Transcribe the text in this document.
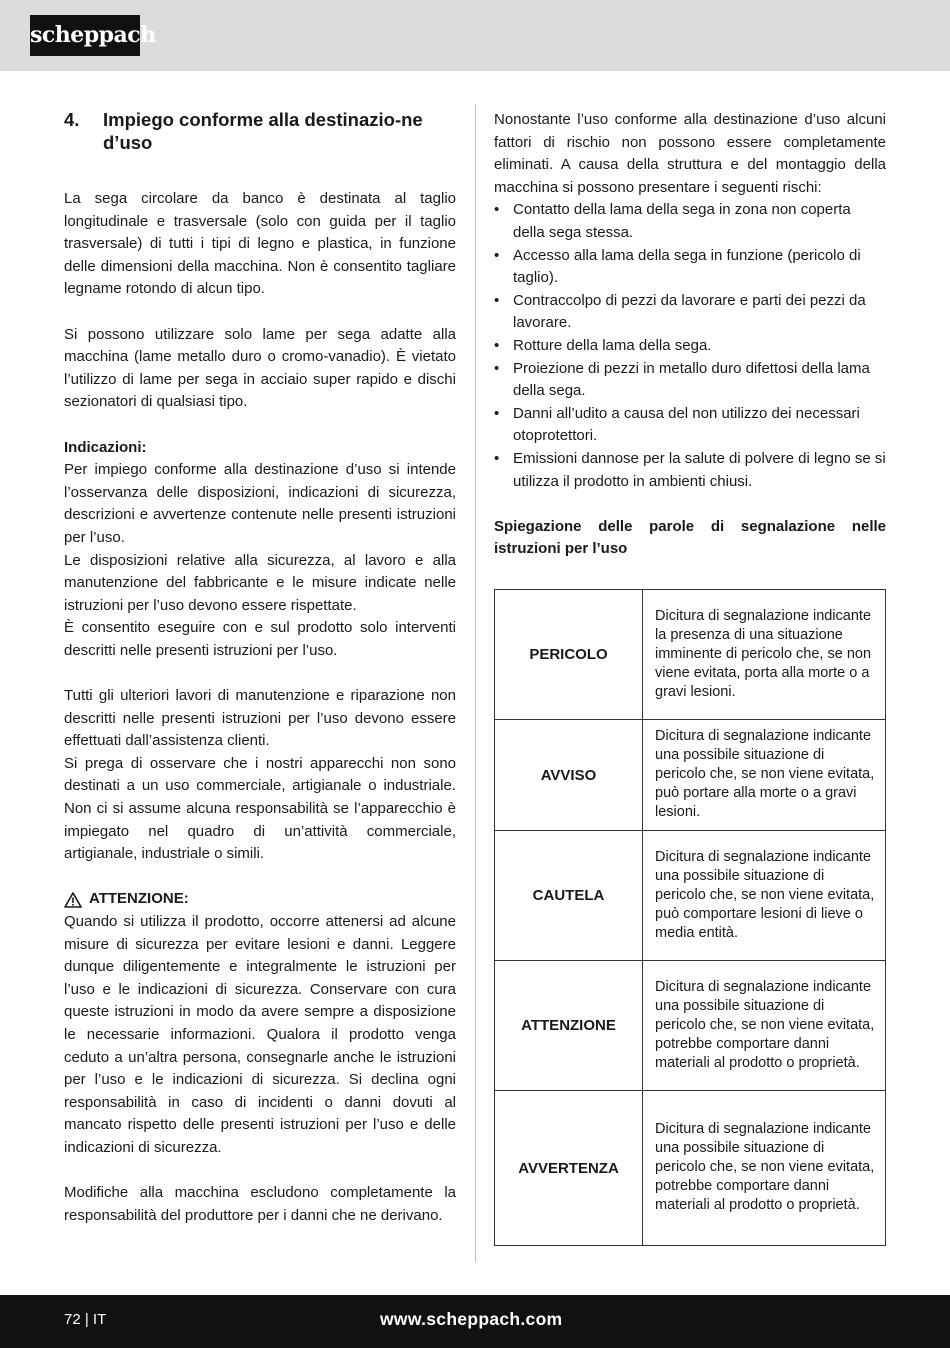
scheppach
4.	Impiego conforme alla destinazio-ne d’uso

La sega circolare da banco è destinata al taglio longitudinale e trasversale (solo con guida per il taglio trasversale) di tutti i tipi di legno e plastica, in funzione delle dimensioni della macchina. Non è consentito tagliare legname rotondo di alcun tipo.

Si possono utilizzare solo lame per sega adatte alla macchina (lame metallo duro o cromo-vanadio). È vietato l’utilizzo di lame per sega in acciaio super rapido e dischi sezionatori di qualsiasi tipo.

Indicazioni:

Per impiego conforme alla destinazione d’uso si intende l’osservanza delle disposizioni, indicazioni di sicurezza, descrizioni e avvertenze contenute nelle presenti istruzioni per l’uso.

Le disposizioni relative alla sicurezza, al lavoro e alla manutenzione del fabbricante e le misure indicate nelle istruzioni per l’uso devono essere rispettate.

È consentito eseguire con e sul prodotto solo interventi descritti nelle presenti istruzioni per l’uso.

Tutti gli ulteriori lavori di manutenzione e riparazione non descritti nelle presenti istruzioni per l’uso devono essere effettuati dall’assistenza clienti.

Si prega di osservare che i nostri apparecchi non sono destinati a un uso commerciale, artigianale o industriale. Non ci si assume alcuna responsabilità se l’apparecchio è impiegato nel quadro di un’attività commerciale, artigianale, industriale o simili.

ATTENZIONE:

Quando si utilizza il prodotto, occorre attenersi ad alcune misure di sicurezza per evitare lesioni e danni. Leggere dunque diligentemente e integralmente le istruzioni per l’uso e le indicazioni di sicurezza. Conservare con cura queste istruzioni in modo da avere sempre a disposizione le necessarie informazioni. Qualora il prodotto venga ceduto a un’altra persona, consegnarle anche le istruzioni per l’uso e le indicazioni di sicurezza. Si declina ogni responsabilità in caso di incidenti o danni dovuti al mancato rispetto delle presenti istruzioni per l’uso e delle indicazioni di sicurezza.

Modifiche alla macchina escludono completamente la responsabilità del produttore per i danni che ne derivano.

Nonostante l’uso conforme alla destinazione d’uso alcuni fattori di rischio non possono essere completamente eliminati. A causa della struttura e del montaggio della macchina si possono presentare i seguenti rischi:

• Contatto della lama della sega in zona non coperta della sega stessa.
• Accesso alla lama della sega in funzione (pericolo di taglio).
• Contraccolpo di pezzi da lavorare e parti dei pezzi da lavorare.
• Rotture della lama della sega.
• Proiezione di pezzi in metallo duro difettosi della lama della sega.
• Danni all’udito a causa del non utilizzo dei necessari otoprotettori.
• Emissioni dannose per la salute di polvere di legno se si utilizza il prodotto in ambienti chiusi.

Spiegazione delle parole di segnalazione nelle istruzioni per l’uso

PERICOLO	Dicitura di segnalazione indicante la presenza di una situazione imminente di pericolo che, se non viene evitata, porta alla morte o a gravi lesioni.
AVVISO	Dicitura di segnalazione indicante una possibile situazione di pericolo che, se non viene evitata, può portare alla morte o a gravi lesioni.
CAUTELA	Dicitura di segnalazione indicante una possibile situazione di pericolo che, se non viene evitata, può comportare lesioni di lieve o media entità.
ATTENZIONE	Dicitura di segnalazione indicante una possibile situazione di pericolo che, se non viene evitata, potrebbe comportare danni materiali al prodotto o proprietà.
AVVERTENZA	Dicitura di segnalazione indicante una possibile situazione di pericolo che, se non viene evitata, potrebbe comportare danni materiali al prodotto o proprietà.
72 | IT	www.scheppach.com
